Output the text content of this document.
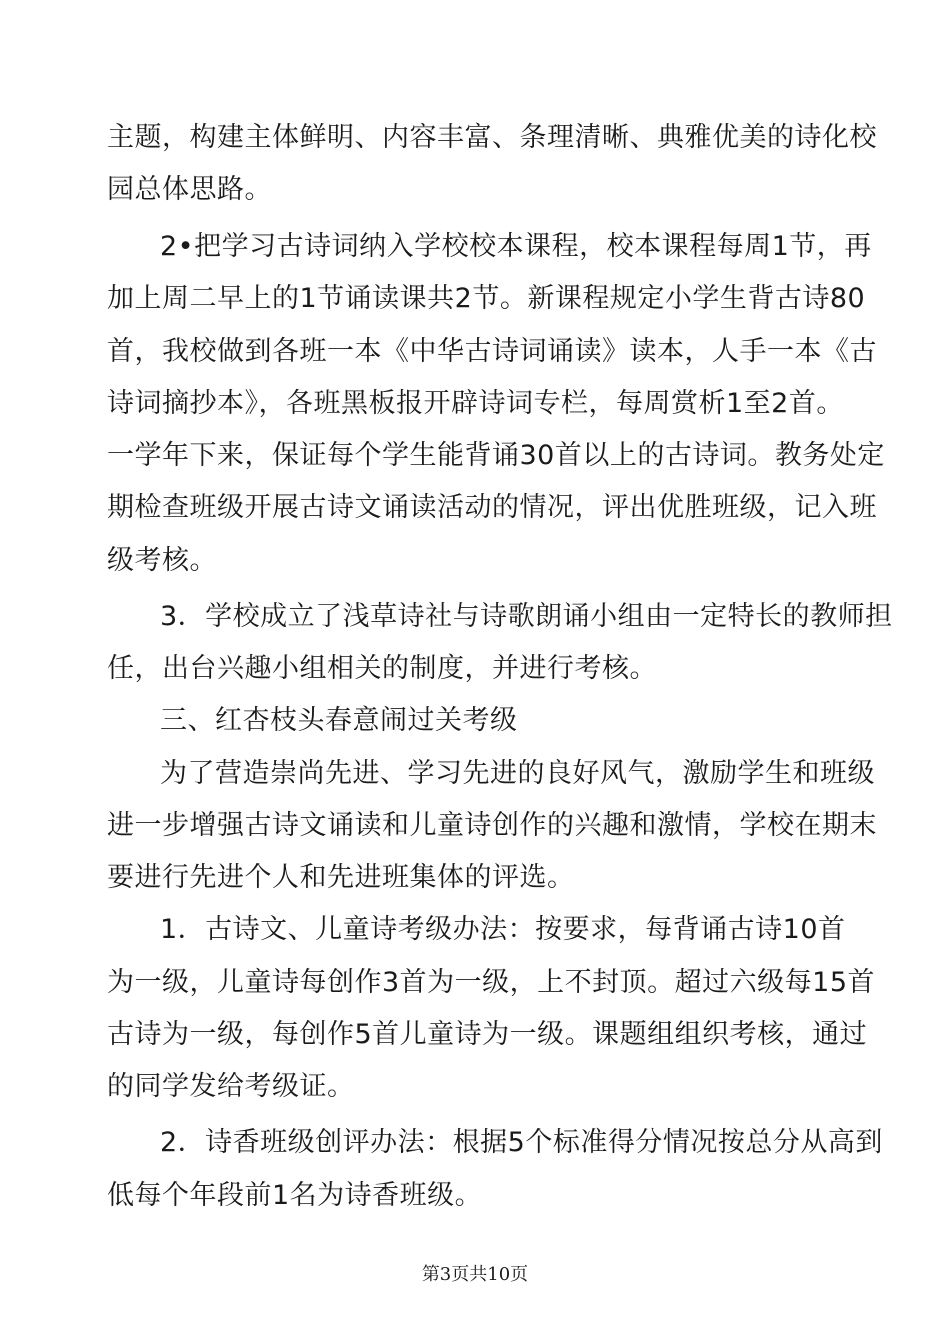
主题，构建主体鲜明、内容丰富、条理清晰、典雅优美的诗化校
园总体思路。
2•把学习古诗词纳入学校校本课程，校本课程每周1节，再
加上周二早上的1节诵读课共2节。新课程规定小学生背古诗80
首，我校做到各班一本《中华古诗词诵读》读本，人手一本《古
诗词摘抄本》，各班黑板报开辟诗词专栏，每周赏析1至2首。
一学年下来，保证每个学生能背诵30首以上的古诗词。教务处定
期检查班级开展古诗文诵读活动的情况，评出优胜班级，记入班
级考核。
3．学校成立了浅草诗社与诗歌朗诵小组由一定特长的教师担
任，出台兴趣小组相关的制度，并进行考核。
三、红杏枝头春意闹过关考级
为了营造崇尚先进、学习先进的良好风气，激励学生和班级
进一步增强古诗文诵读和儿童诗创作的兴趣和激情，学校在期末
要进行先进个人和先进班集体的评选。
1．古诗文、儿童诗考级办法：按要求，每背诵古诗10首
为一级，儿童诗每创作3首为一级，上不封顶。超过六级每15首
古诗为一级，每创作5首儿童诗为一级。课题组组织考核，通过
的同学发给考级证。
2．诗香班级创评办法：根据5个标准得分情况按总分从高到
低每个年段前1名为诗香班级。
第3页共10页
